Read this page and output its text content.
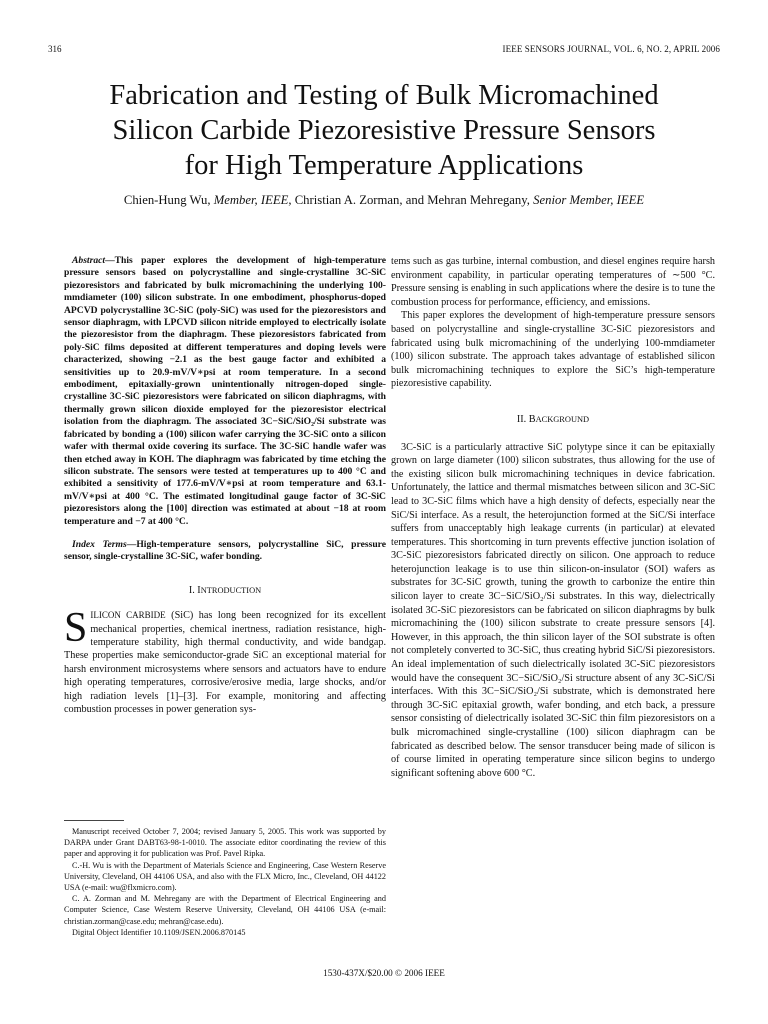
316	IEEE SENSORS JOURNAL, VOL. 6, NO. 2, APRIL 2006
Fabrication and Testing of Bulk Micromachined
Silicon Carbide Piezoresistive Pressure Sensors
for High Temperature Applications
Chien-Hung Wu, Member, IEEE, Christian A. Zorman, and Mehran Mehregany, Senior Member, IEEE

Abstract—This paper explores the development of high-temperature pressure sensors based on polycrystalline and single-crystalline 3C-SiC piezoresistors and fabricated by bulk micromachining the underlying 100-mmdiameter (100) silicon substrate. In one embodiment, phosphorus-doped APCVD polycrystalline 3C-SiC (poly-SiC) was used for the piezoresistors and sensor diaphragm, with LPCVD silicon nitride employed to electrically isolate the piezoresistor from the diaphragm. These piezoresistors fabricated from poly-SiC films deposited at different temperatures and doping levels were characterized, showing −2.1 as the best gauge factor and exhibited a sensitivities up to 20.9-mV/V∗psi at room temperature. In a second embodiment, epitaxially-grown unintentionally nitrogen-doped single-crystalline 3C-SiC piezoresistors were fabricated on silicon diaphragms, with thermally grown silicon dioxide employed for the piezoresistor electrical isolation from the diaphragm. The associated 3C−SiC/SiO₂/Si substrate was fabricated by bonding a (100) silicon wafer carrying the 3C-SiC onto a silicon wafer with thermal oxide covering its surface. The 3C-SiC handle wafer was then etched away in KOH. The diaphragm was fabricated by time etching the silicon substrate. The sensors were tested at temperatures up to 400 °C and exhibited a sensitivity of 177.6-mV/V∗psi at room temperature and 63.1-mV/V∗psi at 400 °C. The estimated longitudinal gauge factor of 3C-SiC piezoresistors along the [100] direction was estimated at about −18 at room temperature and −7 at 400 °C.

Index Terms—High-temperature sensors, polycrystalline SiC, pressure sensor, single-crystalline 3C-SiC, wafer bonding.

I. INTRODUCTION

SILICON CARBIDE (SiC) has long been recognized for its excellent mechanical properties, chemical inertness, radiation resistance, high-temperature stability, high thermal conductivity, and wide bandgap. These properties make semiconductor-grade SiC an exceptional material for harsh environment microsystems where sensors and actuators have to endure high operating temperatures, corrosive/erosive media, large shocks, and/or high radiation levels [1]–[3]. For example, monitoring and affecting combustion processes in power generation sys-

Manuscript received October 7, 2004; revised January 5, 2005. This work was supported by DARPA under Grant DABT63-98-1-0010. The associate editor coordinating the review of this paper and approving it for publication was Prof. Pavel Ripka.

C.-H. Wu is with the Department of Materials Science and Engineering, Case Western Reserve University, Cleveland, OH 44106 USA, and also with the FLX Micro, Inc., Cleveland, OH 44122 USA (e-mail: wu@flxmicro.com).

C. A. Zorman and M. Mehregany are with the Department of Electrical Engineering and Computer Science, Case Western Reserve University, Cleveland, OH 44106 USA (e-mail: christian.zorman@case.edu; mehran@case.edu).

Digital Object Identifier 10.1109/JSEN.2006.870145

tems such as gas turbine, internal combustion, and diesel engines require harsh environment capability, in particular operating temperatures of ∼500 °C. Pressure sensing is enabling in such applications where the desire is to tune the combustion process for performance, efficiency, and emissions.

This paper explores the development of high-temperature pressure sensors based on polycrystalline and single-crystalline 3C-SiC piezoresistors and fabricated using bulk micromachining of the underlying 100-mmdiameter (100) silicon substrate. The approach takes advantage of established silicon bulk micromachining techniques to explore the SiC’s high-temperature piezoresistive capability.

II. BACKGROUND

3C-SiC is a particularly attractive SiC polytype since it can be epitaxially grown on large diameter (100) silicon substrates, thus allowing for the use of the existing silicon bulk micromachining techniques in device fabrication. Unfortunately, the lattice and thermal mismatches between silicon and 3C-SiC lead to 3C-SiC films which have a high density of defects, especially near the SiC/Si interface. As a result, the heterojunction formed at the SiC/Si interface suffers from unacceptably high leakage currents (in particular) at elevated temperatures. This shortcoming in turn prevents effective junction isolation of 3C-SiC piezoresistors fabricated directly on silicon. One approach to reduce heterojunction leakage is to use thin silicon-on-insulator (SOI) wafers as substrates for 3C-SiC growth, tuning the growth to carbonize the entire thin silicon layer to create 3C−SiC/SiO₂/Si substrates. In this way, dielectrically isolated 3C-SiC piezoresistors can be fabricated on silicon diaphragms by bulk micromachining the (100) silicon substrate to create pressure sensors [4]. However, in this approach, the thin silicon layer of the SOI substrate is often not completely converted to 3C-SiC, thus creating hybrid SiC/Si piezoresistors. An ideal implementation of such dielectrically isolated 3C-SiC piezoresistors would have the consequent 3C−SiC/SiO₂/Si structure absent of any 3C-SiC/Si interfaces. With this 3C−SiC/SiO₂/Si substrate, which is demonstrated here through 3C-SiC epitaxial growth, wafer bonding, and etch back, a pressure sensor consisting of dielectrically isolated 3C-SiC thin film piezoresistors on a bulk micromachined single-crystalline (100) silicon diaphragm can be fabricated as described below. The sensor transducer being made of silicon is of course limited in operating temperature since silicon begins to undergo significant softening above 600 °C.

1530-437X/$20.00 © 2006 IEEE
